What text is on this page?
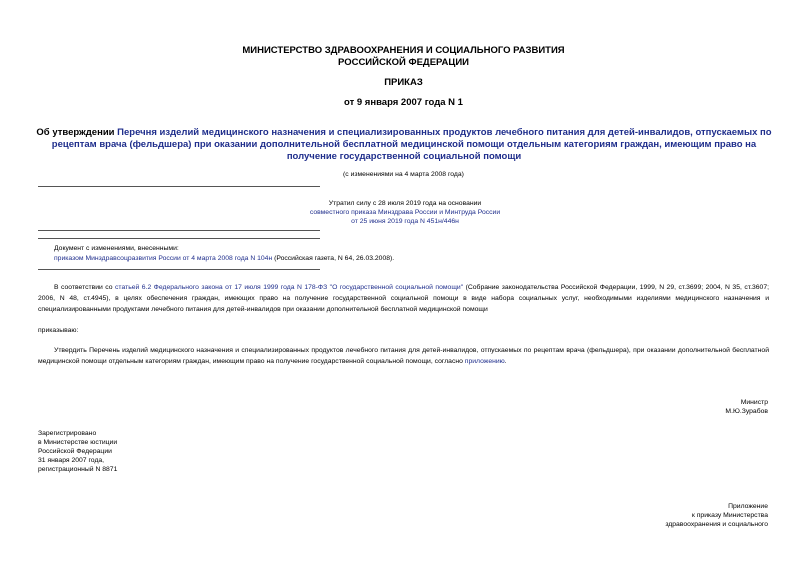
МИНИСТЕРСТВО ЗДРАВООХРАНЕНИЯ И СОЦИАЛЬНОГО РАЗВИТИЯ
РОССИЙСКОЙ ФЕДЕРАЦИИ
ПРИКАЗ
от 9 января 2007 года N 1
Об утверждении Перечня изделий медицинского назначения и специализированных продуктов лечебного питания для детей-инвалидов, отпускаемых по рецептам врача (фельдшера) при оказании дополнительной бесплатной медицинской помощи отдельным категориям граждан, имеющим право на получение государственной социальной помощи
(с изменениями на 4 марта 2008 года)
Утратил силу с 28 июля 2019 года на основании
совместного приказа Минздрава России и Минтруда России
от 25 июня 2019 года N 451н/446н
Документ с изменениями, внесенными:
приказом Минздравсоцразвития России от 4 марта 2008 года N 104н (Российская газета, N 64, 26.03.2008).
В соответствии со статьей 6.2 Федерального закона от 17 июля 1999 года N 178-ФЗ "О государственной социальной помощи" (Собрание законодательства Российской Федерации, 1999, N 29, ст.3699; 2004, N 35, ст.3607; 2006, N 48, ст.4945), в целях обеспечения граждан, имеющих право на получение государственной социальной помощи в виде набора социальных услуг, необходимыми изделиями медицинского назначения и специализированными продуктами лечебного питания для детей-инвалидов при оказании дополнительной бесплатной медицинской помощи
приказываю:
Утвердить Перечень изделий медицинского назначения и специализированных продуктов лечебного питания для детей-инвалидов, отпускаемых по рецептам врача (фельдшера), при оказании дополнительной бесплатной медицинской помощи отдельным категориям граждан, имеющим право на получение государственной социальной помощи, согласно приложению.
Министр
М.Ю.Зурабов
Зарегистрировано
в Министерстве юстиции
Российской Федерации
31 января 2007 года,
регистрационный N 8871
Приложение
к приказу Министерства
здравоохранения и социального
